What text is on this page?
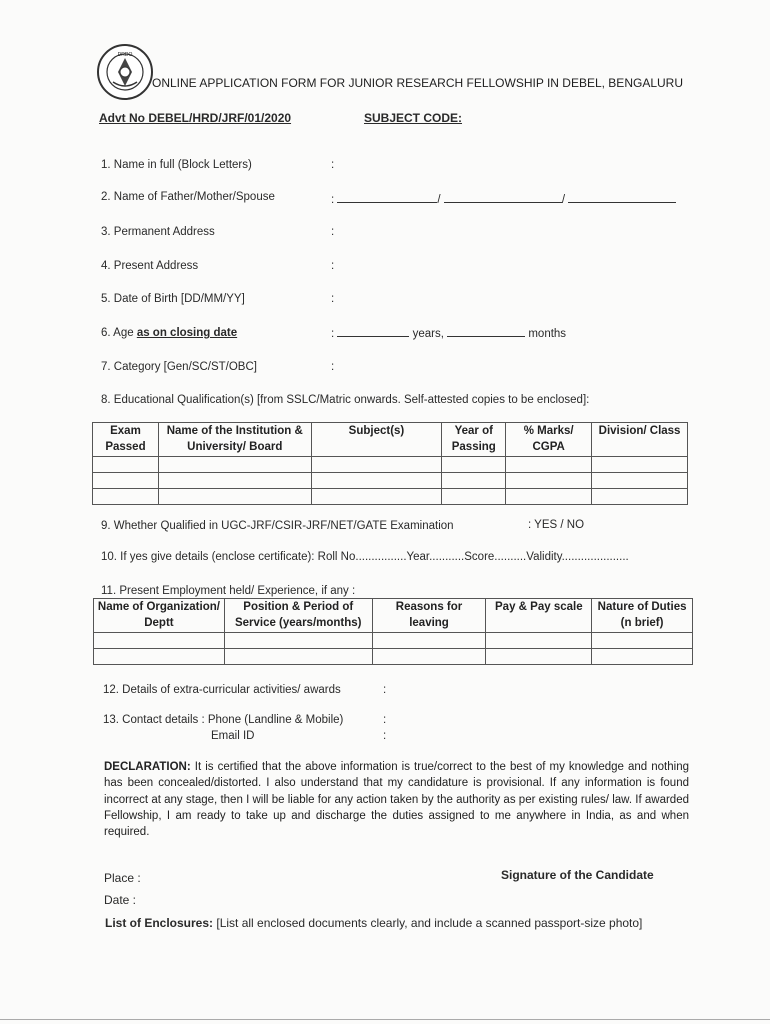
DRDO
ONLINE APPLICATION FORM FOR JUNIOR RESEARCH FELLOWSHIP IN DEBEL, BENGALURU
Advt No DEBEL/HRD/JRF/01/2020	SUBJECT CODE:
1. Name in full (Block Letters)	:
2. Name of Father/Mother/Spouse	:	/	/
3. Permanent Address	:
4. Present Address	:
5. Date of Birth [DD/MM/YY]	:
6. Age as on closing date	:	years,	months
7. Category [Gen/SC/ST/OBC]	:
8. Educational Qualification(s) [from SSLC/Matric onwards. Self-attested copies to be enclosed]:
Exam Passed	Name of the Institution & University/ Board	Subject(s)	Year of Passing	% Marks/ CGPA	Division/ Class

9. Whether Qualified in UGC-JRF/CSIR-JRF/NET/GATE Examination	: YES / NO
10. If yes give details (enclose certificate): Roll No................Year...........Score..........Validity.....................
11. Present Employment held/ Experience, if any :
Name of Organization/ Deptt	Position & Period of Service (years/months)	Reasons for leaving	Pay & Pay scale	Nature of Duties (n brief)

12. Details of extra-curricular activities/ awards	:
13. Contact details : Phone (Landline & Mobile)	:
Email ID	:
DECLARATION: It is certified that the above information is true/correct to the best of my knowledge and nothing has been concealed/distorted. I also understand that my candidature is provisional. If any information is found incorrect at any stage, then I will be liable for any action taken by the authority as per existing rules/ law. If awarded Fellowship, I am ready to take up and discharge the duties assigned to me anywhere in India, as and when required.
Place :	Signature of the Candidate
Date :
List of Enclosures: [List all enclosed documents clearly, and include a scanned passport-size photo]
